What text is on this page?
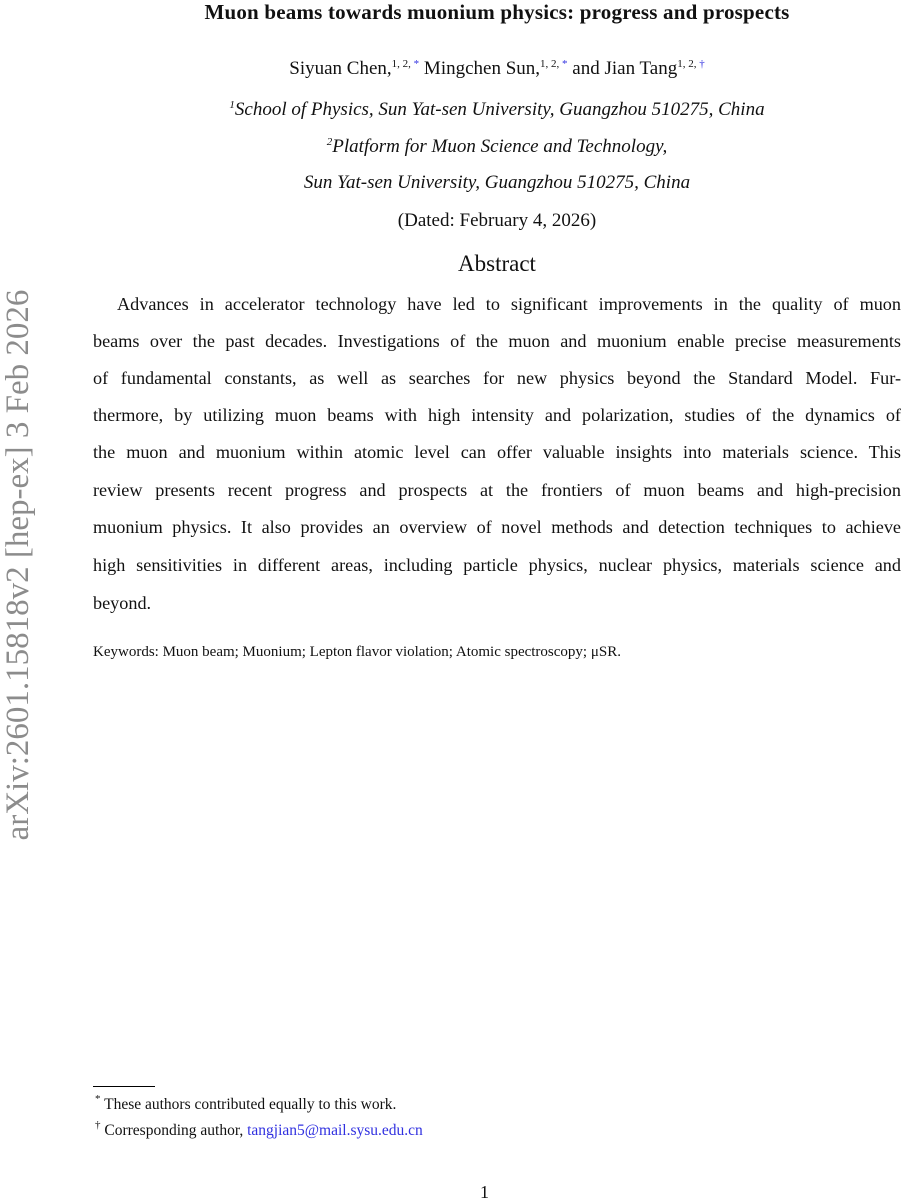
arXiv:2601.15818v2 [hep-ex] 3 Feb 2026
Muon beams towards muonium physics: progress and prospects
Siyuan Chen,$^{1, 2, *}$ Mingchen Sun,$^{1, 2, *}$ and Jian Tang$^{1, 2, \dagger}$
$^1$School of Physics, Sun Yat-sen University, Guangzhou 510275, China
$^2$Platform for Muon Science and Technology,
Sun Yat-sen University, Guangzhou 510275, China
(Dated: February 4, 2026)
Abstract
Advances in accelerator technology have led to significant improvements in the quality of muon
beams over the past decades. Investigations of the muon and muonium enable precise measurements
of fundamental constants, as well as searches for new physics beyond the Standard Model. Fur-
thermore, by utilizing muon beams with high intensity and polarization, studies of the dynamics of
the muon and muonium within atomic level can offer valuable insights into materials science. This
review presents recent progress and prospects at the frontiers of muon beams and high-precision
muonium physics. It also provides an overview of novel methods and detection techniques to achieve
high sensitivities in different areas, including particle physics, nuclear physics, materials science and
beyond.
Keywords: Muon beam; Muonium; Lepton flavor violation; Atomic spectroscopy; μSR.
* These authors contributed equally to this work.
† Corresponding author, tangjian5@mail.sysu.edu.cn
1
